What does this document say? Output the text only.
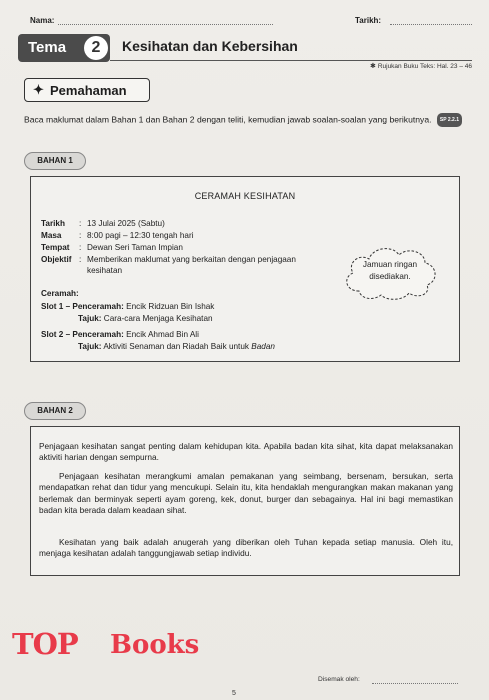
Nama:	Tarikh:
Tema	2	Kesihatan dan Kebersihan
✱ Rujukan Buku Teks: Hal. 23 – 46
✦ Pemahaman
Baca maklumat dalam Bahan 1 dan Bahan 2 dengan teliti, kemudian jawab soalan-soalan yang berikutnya. SP 2.2.1
BAHAN 1
CERAMAH KESIHATAN
Tarikh	: 13 Julai 2025 (Sabtu)
Masa	: 8:00 pagi – 12:30 tengah hari
Tempat	: Dewan Seri Taman Impian
Objektif : Memberikan maklumat yang berkaitan dengan penjagaan kesihatan
Ceramah:
Slot 1 – Penceramah: Encik Ridzuan Bin Ishak
Tajuk: Cara-cara Menjaga Kesihatan
Slot 2 – Penceramah: Encik Ahmad Bin Ali
Tajuk: Aktiviti Senaman dan Riadah Baik untuk Badan
Jamuan ringan
disediakan.
BAHAN 2
Penjagaan kesihatan sangat penting dalam kehidupan kita. Apabila badan kita sihat, kita dapat melaksanakan aktiviti harian dengan sempurna.
Penjagaan kesihatan merangkumi amalan pemakanan yang seimbang, bersenam, bersukan, serta mendapatkan rehat dan tidur yang mencukupi. Selain itu, kita hendaklah mengurangkan makan makanan yang berlemak dan berminyak seperti ayam goreng, kek, donut, burger dan sebagainya. Hal ini bagi memastikan badan kita berada dalam keadaan sihat.
Kesihatan yang baik adalah anugerah yang diberikan oleh Tuhan kepada setiap manusia. Oleh itu, menjaga kesihatan adalah tanggungjawab setiap individu.
TOP Books
Disemak oleh:
5
